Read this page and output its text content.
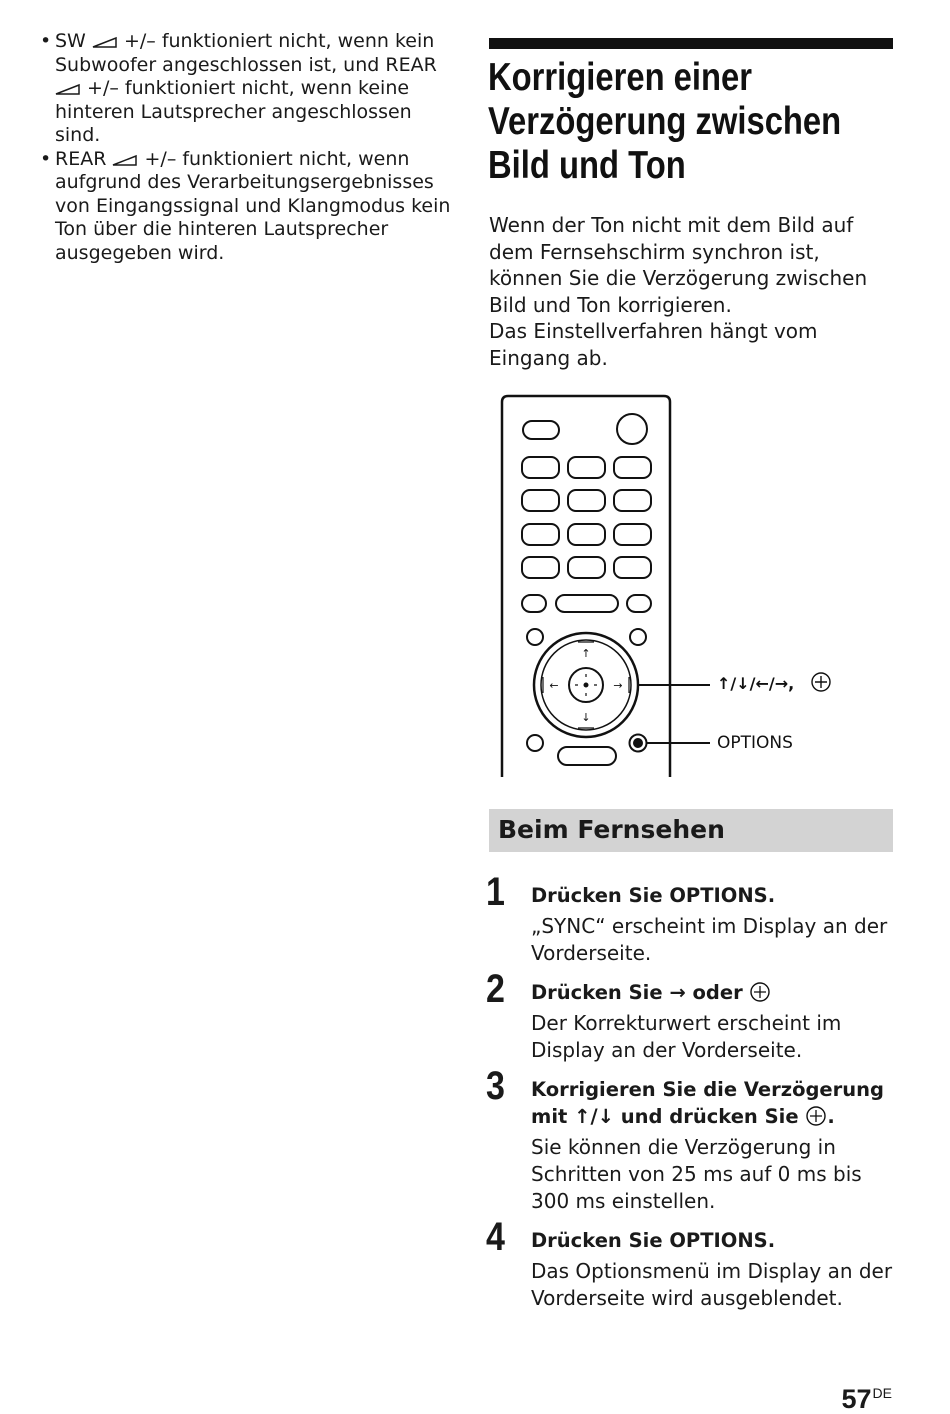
• SW +/– funktioniert nicht, wenn kein Subwoofer angeschlossen ist, und REAR  +/– funktioniert nicht, wenn keine hinteren Lautsprecher angeschlossen sind.
• REAR +/– funktioniert nicht, wenn aufgrund des Verarbeitungsergebnisses von Eingangssignal und Klangmodus kein Ton über die hinteren Lautsprecher ausgegeben wird.
Korrigieren einer
Verzögerung zwischen
Bild und Ton
Wenn der Ton nicht mit dem Bild auf dem Fernsehschirm synchron ist, können Sie die Verzögerung zwischen Bild und Ton korrigieren.
Das Einstellverfahren hängt vom Eingang ab.
↑
↓
←	→	↑/↓/←/→,
OPTIONS
Beim Fernsehen
1 Drücken Sie OPTIONS.
„SYNC“ erscheint im Display an der Vorderseite.
2 Drücken Sie → oder
Der Korrekturwert erscheint im Display an der Vorderseite.
3 Korrigieren Sie die Verzögerung mit ↑/↓ und drücken Sie .
Sie können die Verzögerung in Schritten von 25 ms auf 0 ms bis 300 ms einstellen.
4 Drücken Sie OPTIONS.
Das Optionsmenü im Display an der Vorderseite wird ausgeblendet.
57DE
